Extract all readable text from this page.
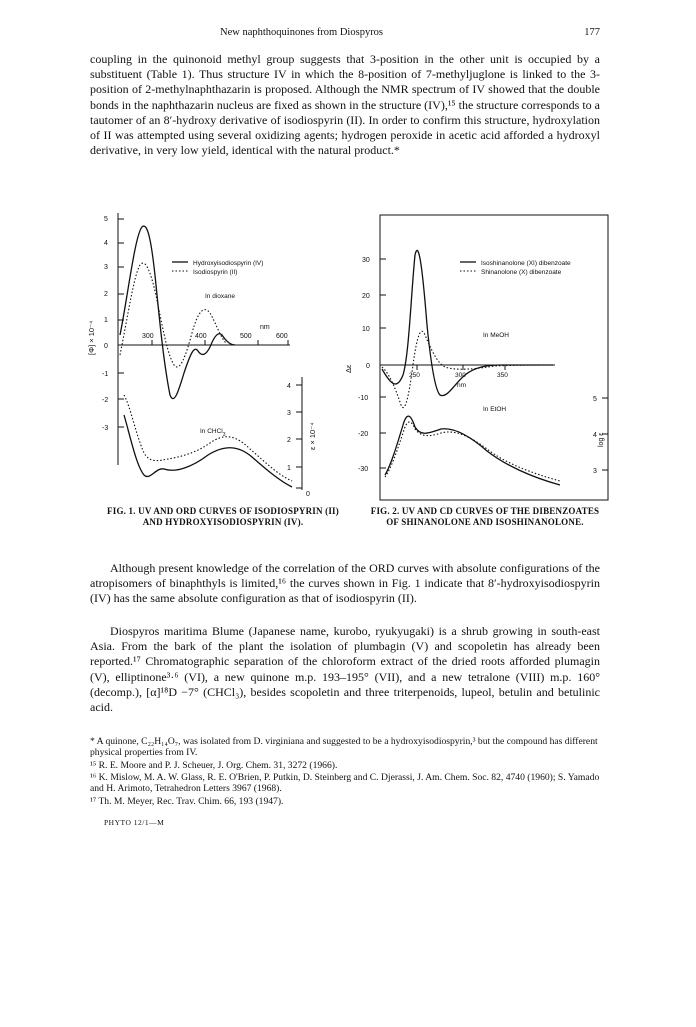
New naphthoquinones from Diospyros	177

coupling in the quinonoid methyl group suggests that 3-position in the other unit is occupied by a substituent (Table 1). Thus structure IV in which the 8-position of 7-methyljuglone is linked to the 3-position of 2-methylnaphthazarin is proposed. Although the NMR spectrum of IV showed that the double bonds in the naphthazarin nucleus are fixed as shown in the structure (IV),¹⁵ the structure corresponds to a tautomer of an 8′-hydroxy derivative of isodiospyrin (II). In order to confirm this structure, hydroxylation of II was attempted using several oxidizing agents; hydrogen peroxide in acetic acid afforded a hydroxyl derivative, in very low yield, identical with the natural product.*

5
4
3
2
1
0
-1
-2
-3
[Φ] × 10⁻⁴
4
3
2
1
0
ε × 10⁻⁴
300	400	500	600
nm
Hydroxyisodiospyrin (IV)
Isodiospyrin (II)
In dioxane
In CHCl$_3$
FIG. 1. UV AND ORD CURVES OF ISODIOSPYRIN (II)
AND HYDROXYISODIOSPYRIN (IV).
30
20
10
0
-10
-20
-30
Δε
5
4
3
log ε
250	300	350
nm
Isoshinanolone (XI) dibenzoate
Shinanolone (X) dibenzoate
In MeOH
In EtOH
FIG. 2. UV AND CD CURVES OF THE DIBENZOATES
OF SHINANOLONE AND ISOSHINANOLONE.

Although present knowledge of the correlation of the ORD curves with absolute configurations of the atropisomers of binaphthyls is limited,¹⁶ the curves shown in Fig. 1 indicate that 8′-hydroxyisodiospyrin (IV) has the same absolute configuration as that of isodiospyrin (II).

Diospyros maritima Blume (Japanese name, kurobo, ryukyugaki) is a shrub growing in south-east Asia. From the bark of the plant the isolation of plumbagin (V) and scopoletin has already been reported.¹⁷ Chromatographic separation of the chloroform extract of the dried roots afforded plumagin (V), elliptinone³·⁶ (VI), a new quinone m.p. 193–195° (VII), and a new tetralone (VIII) m.p. 160° (decomp.), [α]¹⁸D −7° (CHCl₃), besides scopoletin and three triterpenoids, lupeol, betulin and betulinic acid.

* A quinone, C₂₂H₁₄O₇, was isolated from D. virginiana and suggested to be a hydroxyisodiospyrin,³ but the compound has different physical properties from IV.

¹⁵ R. E. Moore and P. J. Scheuer, J. Org. Chem. 31, 3272 (1966).

¹⁶ K. Mislow, M. A. W. Glass, R. E. O'Brien, P. Putkin, D. Steinberg and C. Djerassi, J. Am. Chem. Soc. 82, 4740 (1960); S. Yamado and H. Arimoto, Tetrahedron Letters 3967 (1968).

¹⁷ Th. M. Meyer, Rec. Trav. Chim. 66, 193 (1947).

PHYTO 12/1—M
